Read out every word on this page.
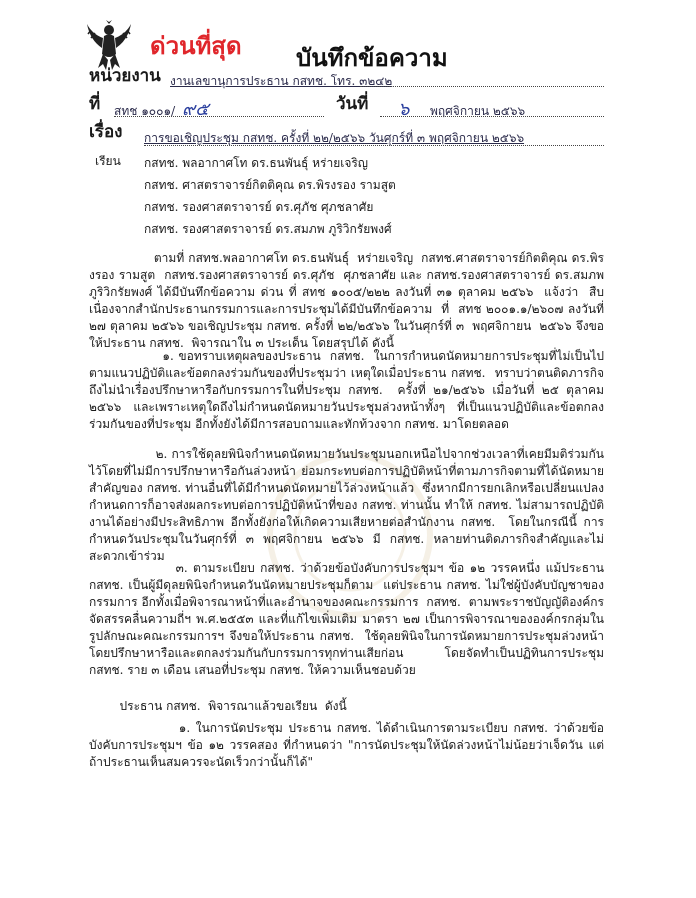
ด่วนที่สุด บันทึกข้อความ
หน่วยงาน งานเลขานุการประธาน กสทช. โทร. ๓๒๔๒
ที่ สทช ๑๐๐๑/ ๙๕	วันที่ ๖ พฤศจิกายน ๒๕๖๖
เรื่อง การขอเชิญประชุม กสทช. ครั้งที่ ๒๒/๒๕๖๖ วันศุกร์ที่ ๓ พฤศจิกายน ๒๕๖๖
เรียน กสทช. พลอากาศโท ดร.ธนพันธุ์ หร่ายเจริญ
กสทช. ศาสตราจารย์กิตติคุณ ดร.พิรงรอง รามสูต
กสทช. รองศาสตราจารย์ ดร.ศุภัช ศุภชลาศัย
กสทช. รองศาสตราจารย์ ดร.สมภพ ภูริวิกรัยพงศ์
ตามที่ กสทช.พลอากาศโท ดร.ธนพันธุ์  หร่ายเจริญ  กสทช.ศาสตราจารย์กิตติคุณ ดร.พิรงรอง รามสูต  กสทช.รองศาสตราจารย์ ดร.ศุภัช  ศุภชลาศัย และ กสทช.รองศาสตราจารย์ ดร.สมภพ  ภูริวิกรัยพงศ์ ได้มีบันทึกข้อความ ด่วน ที่ สทช ๑๐๐๕/๒๒๒ ลงวันที่ ๓๑ ตุลาคม ๒๕๖๖  แจ้งว่า  สืบเนื่องจากสำนักประธานกรรมการและการประชุมได้มีบันทึกข้อความ  ที่  สทช ๒๐๐๑.๑/๒๖๐๗ ลงวันที่ ๒๗ ตุลาคม ๒๕๖๖ ขอเชิญประชุม กสทช. ครั้งที่ ๒๒/๒๕๖๖ ในวันศุกร์ที่ ๓  พฤศจิกายน  ๒๕๖๖ จึงขอให้ประธาน กสทช.  พิจารณาใน ๓ ประเด็น โดยสรุปได้ ดังนี้
๑. ขอทราบเหตุผลของประธาน  กสทช.  ในการกำหนดนัดหมายการประชุมที่ไม่เป็นไปตามแนวปฏิบัติและข้อตกลงร่วมกันของที่ประชุมว่า เหตุใดเมื่อประธาน กสทช.  ทราบว่าตนติดภารกิจถึงไม่นำเรื่องปรึกษาหารือกับกรรมการในที่ประชุม กสทช.  ครั้งที่ ๒๑/๒๕๖๖ เมื่อวันที่ ๒๕ ตุลาคม ๒๕๖๖ และเพราะเหตุใดถึงไม่กำหนดนัดหมายวันประชุมล่วงหน้าทั้งๆ ที่เป็นแนวปฏิบัติและข้อตกลงร่วมกันของที่ประชุม อีกทั้งยังได้มีการสอบถามและทักท้วงจาก กสทช. มาโดยตลอด
๒. การใช้ดุลยพินิจกำหนดนัดหมายวันประชุมนอกเหนือไปจากช่วงเวลาที่เคยมีมติร่วมกันไว้โดยที่ไม่มีการปรึกษาหารือกันล่วงหน้า ย่อมกระทบต่อการปฏิบัติหน้าที่ตามภารกิจตามที่ได้นัดหมายสำคัญของ กสทช. ท่านอื่นที่ได้มีกำหนดนัดหมายไว้ล่วงหน้าแล้ว  ซึ่งหากมีการยกเลิกหรือเปลี่ยนแปลงกำหนดการก็อาจส่งผลกระทบต่อการปฏิบัติหน้าที่ของ กสทช. ท่านนั้น ทำให้ กสทช. ไม่สามารถปฏิบัติงานได้อย่างมีประสิทธิภาพ อีกทั้งยังก่อให้เกิดความเสียหายต่อสำนักงาน กสทช.  โดยในกรณีนี้ การกำหนดวันประชุมในวันศุกร์ที่ ๓ พฤศจิกายน ๒๕๖๖ มี กสทช. หลายท่านติดภารกิจสำคัญและไม่สะดวกเข้าร่วม
๓. ตามระเบียบ กสทช. ว่าด้วยข้อบังคับการประชุมฯ ข้อ ๑๒ วรรคหนึ่ง แม้ประธาน กสทช. เป็นผู้มีดุลยพินิจกำหนดวันนัดหมายประชุมก็ตาม  แต่ประธาน กสทช. ไม่ใช่ผู้บังคับบัญชาของกรรมการ อีกทั้งเมื่อพิจารณาหน้าที่และอำนาจของคณะกรรมการ  กสทช.  ตามพระราชบัญญัติองค์กรจัดสรรคลื่นความถี่ฯ พ.ศ.๒๕๕๓ และที่แก้ไขเพิ่มเติม มาตรา ๒๗ เป็นการพิจารณาขององค์กรกลุ่มในรูปลักษณะคณะกรรมการฯ จึงขอให้ประธาน กสทช.  ใช้ดุลยพินิจในการนัดหมายการประชุมล่วงหน้าโดยปรึกษาหารือและตกลงร่วมกันกับกรรมการทุกท่านเสียก่อน  โดยจัดทำเป็นปฏิทินการประชุม กสทช. ราย ๓ เดือน เสนอที่ประชุม กสทช. ให้ความเห็นชอบด้วย
ประธาน กสทช.  พิจารณาแล้วขอเรียน  ดังนี้
๑. ในการนัดประชุม ประธาน กสทช. ได้ดำเนินการตามระเบียบ กสทช. ว่าด้วยข้อบังคับการประชุมฯ ข้อ ๑๒ วรรคสอง ที่กำหนดว่า "การนัดประชุมให้นัดล่วงหน้าไม่น้อยว่าเจ็ดวัน แต่ถ้าประธานเห็นสมควรจะนัดเร็วกว่านั้นก็ได้"
